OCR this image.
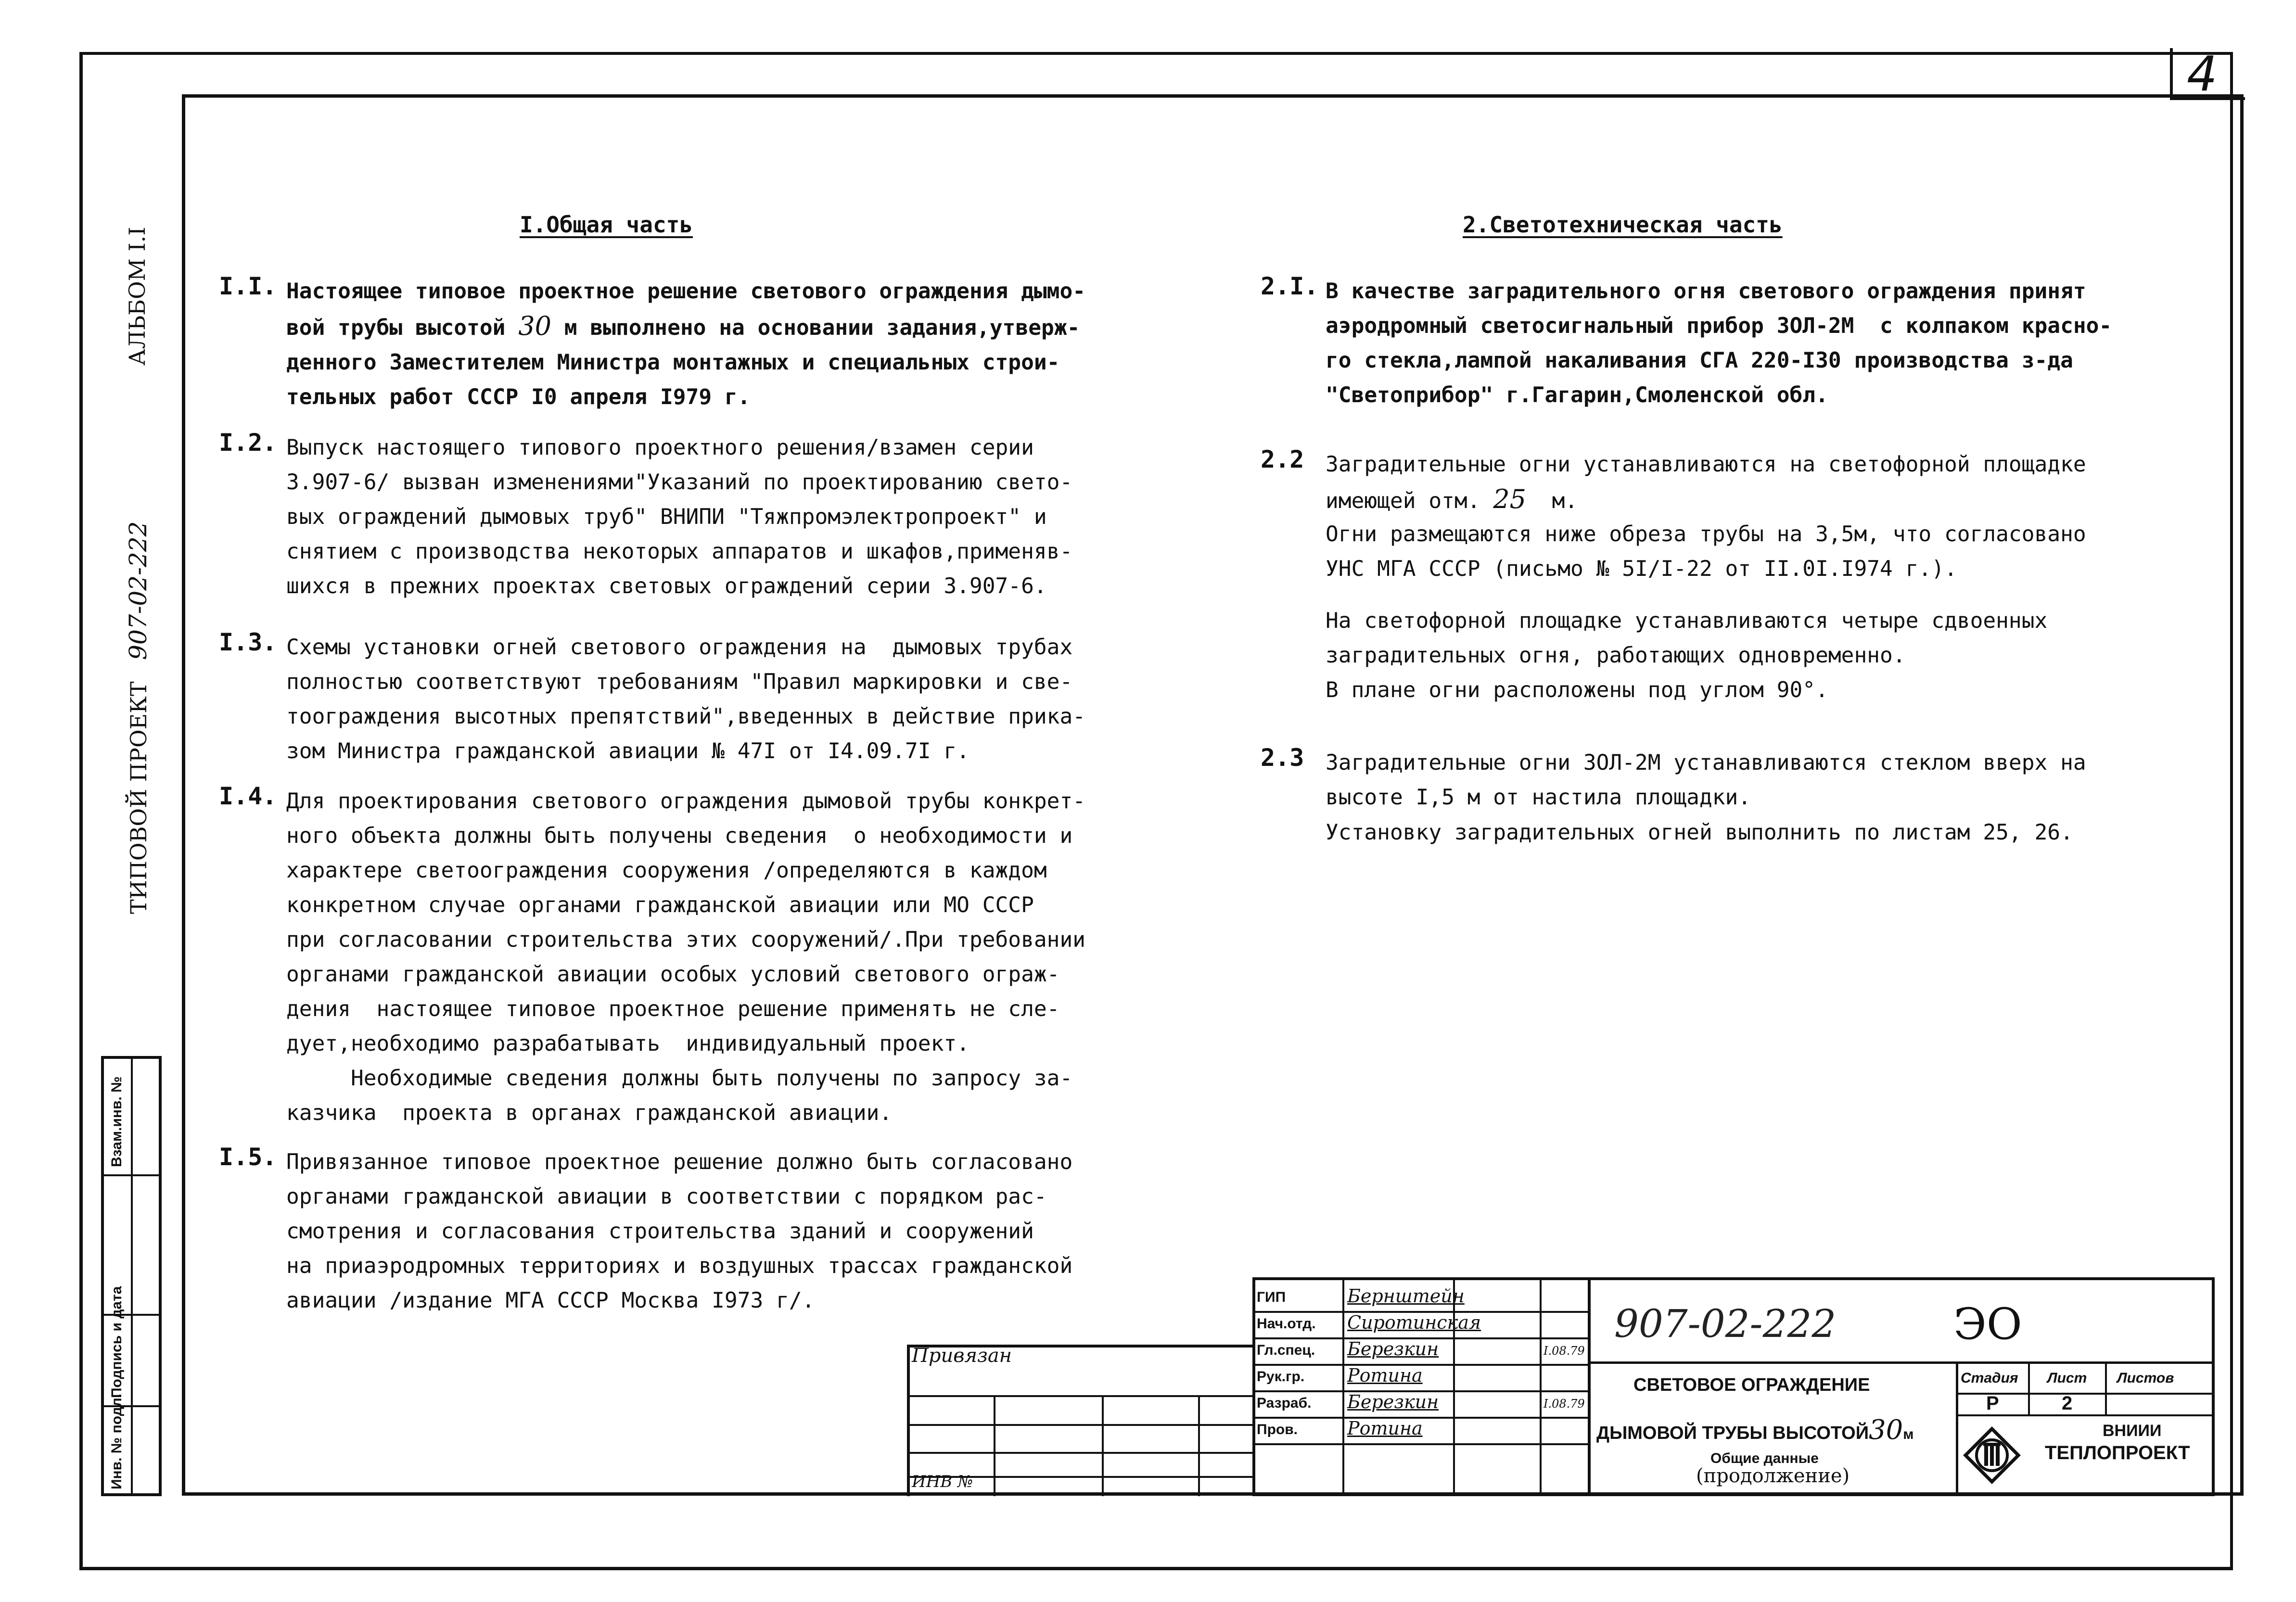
4
АЛЬБОМ I.I
ТИПОВОЙ ПРОЕКТ 907-02-222
I.Общая часть
I.I. Настоящее типовое проектное решение светового ограждения дымо-
вой трубы высотой 30 м выполнено на основании задания,утверж-
денного Заместителем Министра монтажных и специальных строи-
тельных работ СССР I0 апреля I979 г.
I.2. Выпуск настоящего типового проектного решения/взамен серии
3.907-6/ вызван изменениями"Указаний по проектированию свето-
вых ограждений дымовых труб" ВНИПИ "Тяжпромэлектропроект" и
снятием с производства некоторых аппаратов и шкафов,применяв-
шихся в прежних проектах световых ограждений серии 3.907-6.
I.3. Схемы установки огней светового ограждения на  дымовых трубах
полностью соответствуют требованиям "Правил маркировки и све-
тоограждения высотных препятствий",введенных в действие прика-
зом Министра гражданской авиации № 47I от I4.09.7I г.
I.4. Для проектирования светового ограждения дымовой трубы конкрет-
ного объекта должны быть получены сведения  о необходимости и
характере светоограждения сооружения /определяются в каждом
конкретном случае органами гражданской авиации или МО СССР
при согласовании строительства этих сооружений/.При требовании
органами гражданской авиации особых условий светового ограж-
дения  настоящее типовое проектное решение применять не сле-
дует,необходимо разрабатывать  индивидуальный проект.
Необходимые сведения должны быть получены по запросу за-
казчика  проекта в органах гражданской авиации.
I.5. Привязанное типовое проектное решение должно быть согласовано
органами гражданской авиации в соответствии с порядком рас-
смотрения и согласования строительства зданий и сооружений
на приаэродромных территориях и воздушных трассах гражданской
авиации /издание МГА СССР Москва I973 г/.
2.Светотехническая часть
2.I. В качестве заградительного огня светового ограждения принят
аэродромный светосигнальный прибор ЗОЛ-2М  с колпаком красно-
го стекла,лампой накаливания СГА 220-I30 производства з-да
"Светоприбор" г.Гагарин,Смоленской обл.
2.2 Заградительные огни устанавливаются на светофорной площадке
имеющей отм. 25  м.
Огни размещаются ниже обреза трубы на 3,5м, что согласовано
УНС МГА СССР (письмо № 5I/I-22 от II.0I.I974 г.).
На светофорной площадке устанавливаются четыре сдвоенных
заградительных огня, работающих одновременно.
В плане огни расположены под углом 90°.
2.3 Заградительные огни ЗОЛ-2М устанавливаются стеклом вверх на
высоте I,5 м от настила площадки.
Установку заградительных огней выполнить по листам 25, 26.
Инв. № подл.
Подпись и дата
Взам.инв. №
Привязан
ИНВ №
ГИП	Бернштейн
Нач.отд. Сиротинская
Гл.спец. Березкин	I.08.79
Рук.гр. Ротина
Разраб. Березкин	I.08.79
Пров.	Ротина
907-02-222	ЭО
СВЕТОВОЕ ОГРАЖДЕНИЕ
ДЫМОВОЙ ТРУБЫ ВЫСОТОЙ30м
Общие данные
(продолжение)
Стадия Лист Листов
Р	2
ВНИИИ
ТЕПЛОПРОЕКТ
